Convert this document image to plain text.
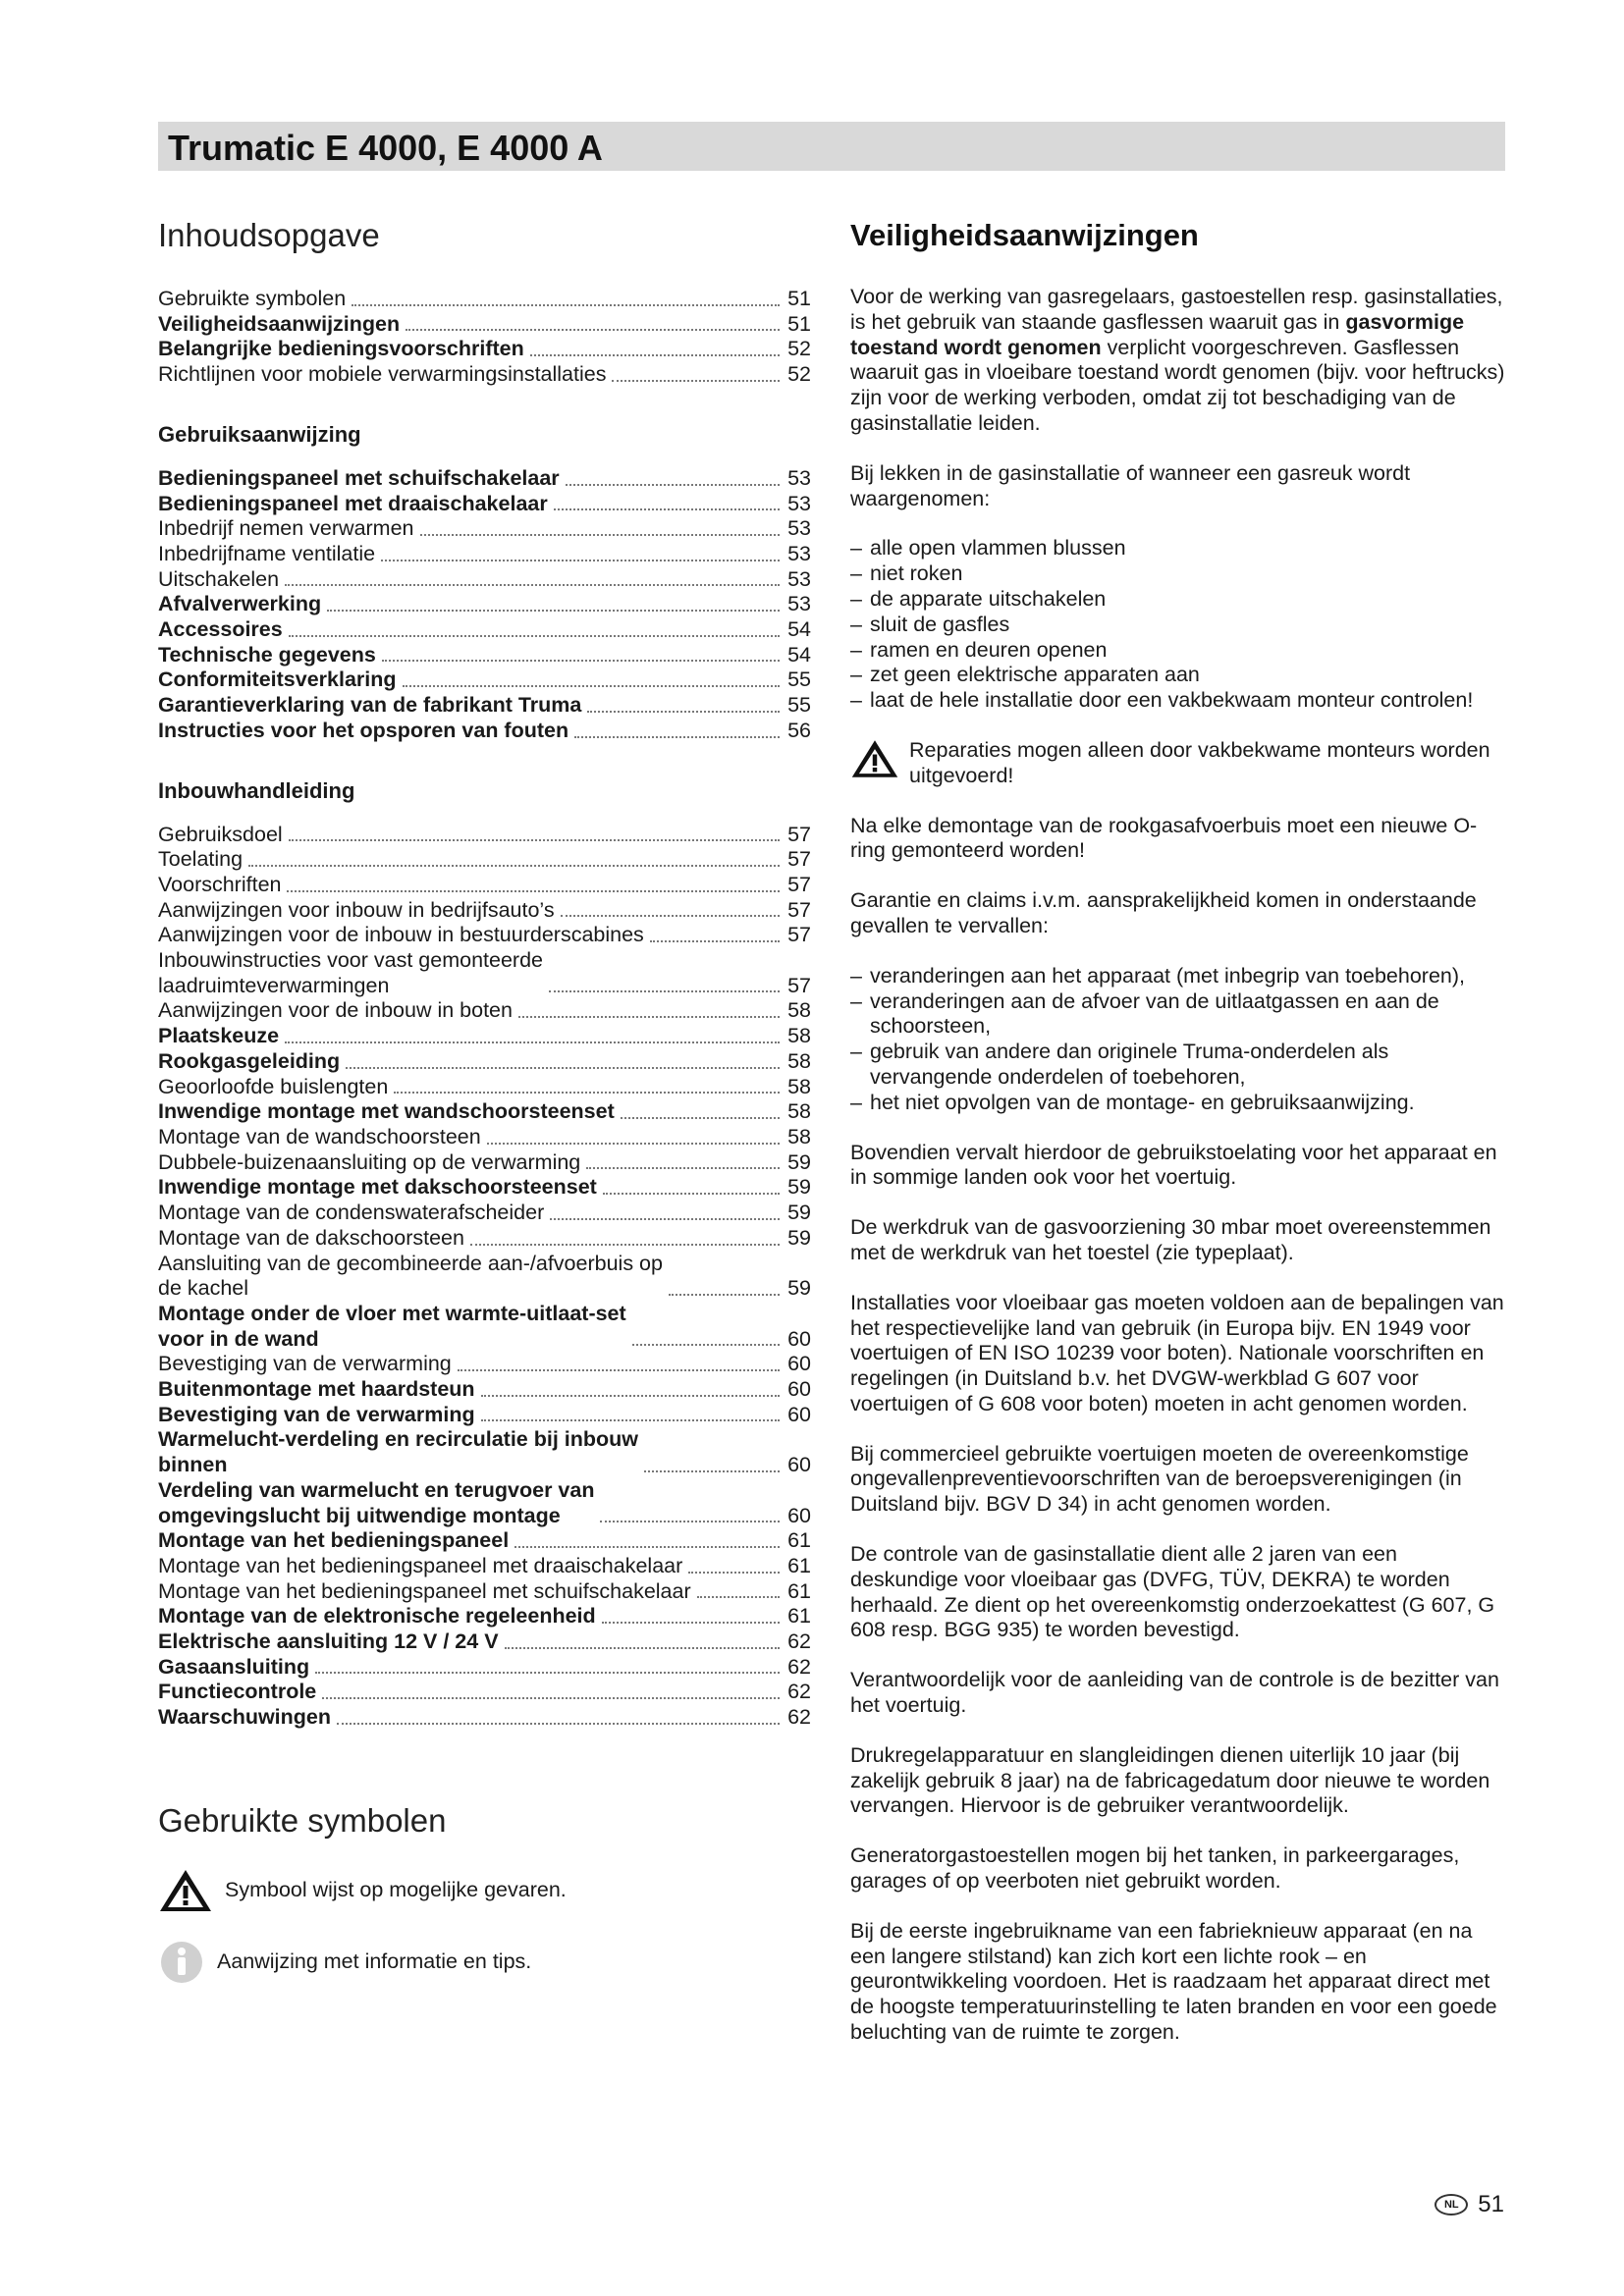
Trumatic E 4000, E 4000 A
Inhoudsopgave
Gebruikte symbolen	51
Veiligheidsaanwijzingen	51
Belangrijke bedieningsvoorschriften	52
Richtlijnen voor mobiele verwarmingsinstallaties	52
Gebruiksaanwijzing
Bedieningspaneel met schuifschakelaar	53
Bedieningspaneel met draaischakelaar	53
Inbedrijf nemen verwarmen	53
Inbedrijfname ventilatie	53
Uitschakelen	53
Afvalverwerking	53
Accessoires	54
Technische gegevens	54
Conformiteitsverklaring	55
Garantieverklaring van de fabrikant Truma	55
Instructies voor het opsporen van fouten	56
Inbouwhandleiding
Gebruiksdoel	57
Toelating	57
Voorschriften	57
Aanwijzingen voor inbouw in bedrijfsauto’s	57
Aanwijzingen voor de inbouw in bestuurderscabines	57
Inbouwinstructies voor vast gemonteerde
laadruimteverwarmingen	57
Aanwijzingen voor de inbouw in boten	58
Plaatskeuze	58
Rookgasgeleiding	58
Geoorloofde buislengten	58
Inwendige montage met wandschoorsteenset	58
Montage van de wandschoorsteen	58
Dubbele-buizenaansluiting op de verwarming	59
Inwendige montage met dakschoorsteenset	59
Montage van de condenswaterafscheider	59
Montage van de dakschoorsteen	59
Aansluiting van de gecombineerde aan-/afvoerbuis op
de kachel	59
Montage onder de vloer met warmte-uitlaat-set
voor in de wand	60
Bevestiging van de verwarming	60
Buitenmontage met haardsteun	60
Bevestiging van de verwarming	60
Warmelucht-verdeling en recirculatie bij inbouw
binnen	60
Verdeling van warmelucht en terugvoer van
omgevingslucht bij uitwendige montage	60
Montage van het bedieningspaneel	61
Montage van het bedieningspaneel met draaischakelaar	61
Montage van het bedieningspaneel met schuifschakelaar	61
Montage van de elektronische regeleenheid	61
Elektrische aansluiting 12 V / 24 V	62
Gasaansluiting	62
Functiecontrole	62
Waarschuwingen	62
Gebruikte symbolen
Symbool wijst op mogelijke gevaren.
Aanwijzing met informatie en tips.
Veiligheidsaanwijzingen

Voor de werking van gasregelaars, gastoestellen resp. gasinstallaties, is het gebruik van staande gasflessen waaruit gas in gasvormige toestand wordt genomen verplicht voorgeschreven. Gasflessen waaruit gas in vloeibare toestand wordt genomen (bijv. voor heftrucks) zijn voor de werking verboden, omdat zij tot beschadiging van de gasinstallatie leiden.

Bij lekken in de gasinstallatie of wanneer een gasreuk wordt waargenomen:

– alle open vlammen blussen
– niet roken
– de apparate uitschakelen
– sluit de gasfles
– ramen en deuren openen
– zet geen elektrische apparaten aan
– laat de hele installatie door een vakbekwaam monteur controlen!

Reparaties mogen alleen door vakbekwame monteurs worden uitgevoerd!

Na elke demontage van de rookgasafvoerbuis moet een nieuwe O-ring gemonteerd worden!

Garantie en claims i.v.m. aansprakelijkheid komen in onderstaande gevallen te vervallen:

– veranderingen aan het apparaat (met inbegrip van toebehoren),
– veranderingen aan de afvoer van de uitlaatgassen en aan de schoorsteen,
– gebruik van andere dan originele Truma-onderdelen als vervangende onderdelen of toebehoren,
– het niet opvolgen van de montage- en gebruiksaanwijzing.

Bovendien vervalt hierdoor de gebruikstoelating voor het apparaat en in sommige landen ook voor het voertuig.

De werkdruk van de gasvoorziening 30 mbar moet overeenstemmen met de werkdruk van het toestel (zie typeplaat).

Installaties voor vloeibaar gas moeten voldoen aan de bepalingen van het respectievelijke land van gebruik (in Europa bijv. EN 1949 voor voertuigen of EN ISO 10239 voor boten). Nationale voorschriften en regelingen (in Duitsland b.v. het DVGW-werkblad G 607 voor voertuigen of G 608 voor boten) moeten in acht genomen worden.

Bij commercieel gebruikte voertuigen moeten de overeenkomstige ongevallenpreventievoorschriften van de beroepsverenigingen (in Duitsland bijv. BGV D 34) in acht genomen worden.

De controle van de gasinstallatie dient alle 2 jaren van een deskundige voor vloeibaar gas (DVFG, TÜV, DEKRA) te worden herhaald. Ze dient op het overeenkomstig onderzoekattest (G 607, G 608 resp. BGG 935) te worden bevestigd.

Verantwoordelijk voor de aanleiding van de controle is de bezitter van het voertuig.

Drukregelapparatuur en slangleidingen dienen uiterlijk 10 jaar (bij zakelijk gebruik 8 jaar) na de fabricagedatum door nieuwe te worden vervangen. Hiervoor is de gebruiker verantwoordelijk.

Generatorgastoestellen mogen bij het tanken, in parkeergarages, garages of op veerboten niet gebruikt worden.

Bij de eerste ingebruikname van een fabrieknieuw apparaat (en na een langere stilstand) kan zich kort een lichte rook – en geurontwikkeling voordoen. Het is raadzaam het apparaat direct met de hoogste temperatuurinstelling te laten branden en voor een goede beluchting van de ruimte te zorgen.

NL 51
